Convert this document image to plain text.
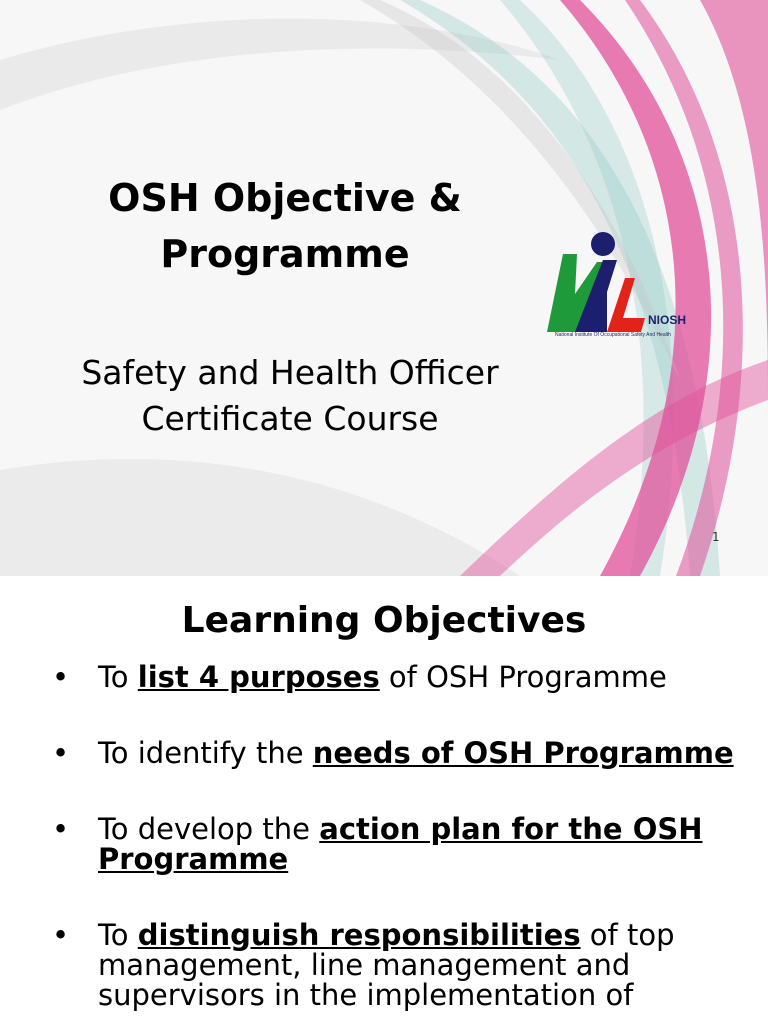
OSH Objective &
Programme

Safety and Health Officer
Certificate Course

NIOSH
National Institute Of Occupational Safety And Health
1
Learning Objectives
• To list 4 purposes of OSH Programme
• To identify the needs of OSH Programme
• To develop the action plan for the OSH Programme
• To distinguish responsibilities of top management, line management and supervisors in the implementation of
